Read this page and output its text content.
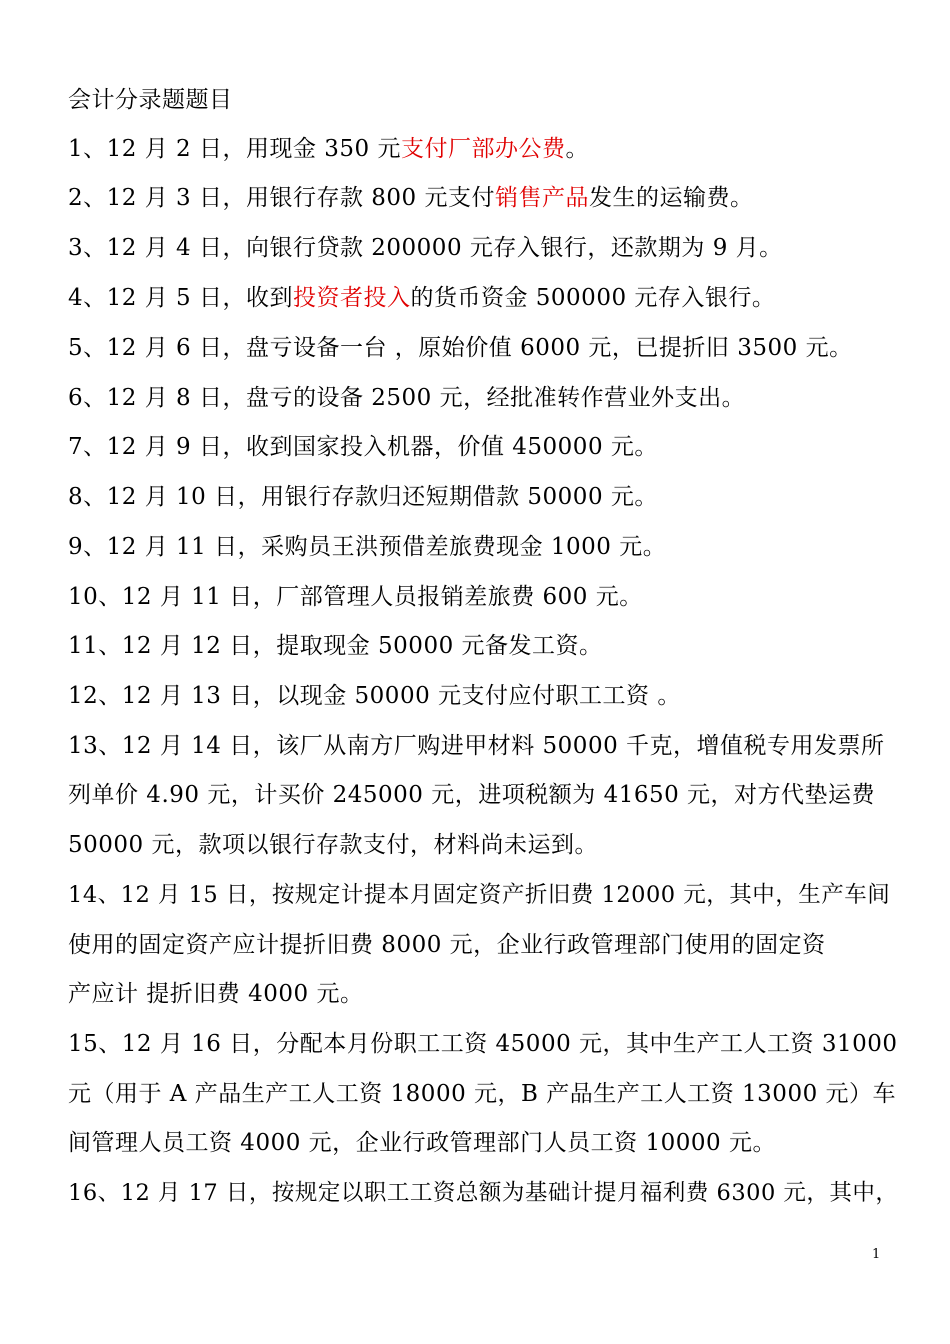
会计分录题题目
1、12 月 2 日，用现金 350 元支付厂部办公费。
2、12 月 3 日，用银行存款 800 元支付销售产品发生的运输费。
3、12 月 4 日，向银行贷款 200000 元存入银行，还款期为 9 月。
4、12 月 5 日，收到投资者投入的货币资金 500000 元存入银行。
5、12 月 6 日，盘亏设备一台 ，原始价值 6000 元，已提折旧 3500 元。
6、12 月 8 日，盘亏的设备 2500 元，经批准转作营业外支出。
7、12 月 9 日，收到国家投入机器，价值 450000 元。
8、12 月 10 日，用银行存款归还短期借款 50000 元。
9、12 月 11 日，采购员王洪预借差旅费现金 1000 元。
10、12 月 11 日，厂部管理人员报销差旅费 600 元。
11、12 月 12 日，提取现金 50000 元备发工资。
12、12 月 13 日，以现金 50000 元支付应付职工工资 。
13、12 月 14 日，该厂从南方厂购进甲材料 50000 千克，增值税专用发票所
列单价 4.90 元，计买价 245000 元，进项税额为 41650 元，对方代垫运费
50000 元，款项以银行存款支付，材料尚未运到。
14、12 月 15 日，按规定计提本月固定资产折旧费 12000 元，其中，生产车间
使用的固定资产应计提折旧费 8000 元，企业行政管理部门使用的固定资
产应计 提折旧费 4000 元。
15、12 月 16 日，分配本月份职工工资 45000 元，其中生产工人工资 31000
元（用于 A 产品生产工人工资 18000 元，B 产品生产工人工资 13000 元）车
间管理人员工资 4000 元，企业行政管理部门人员工资 10000 元。
16、12 月 17 日，按规定以职工工资总额为基础计提月福利费 6300 元，其中，
1
